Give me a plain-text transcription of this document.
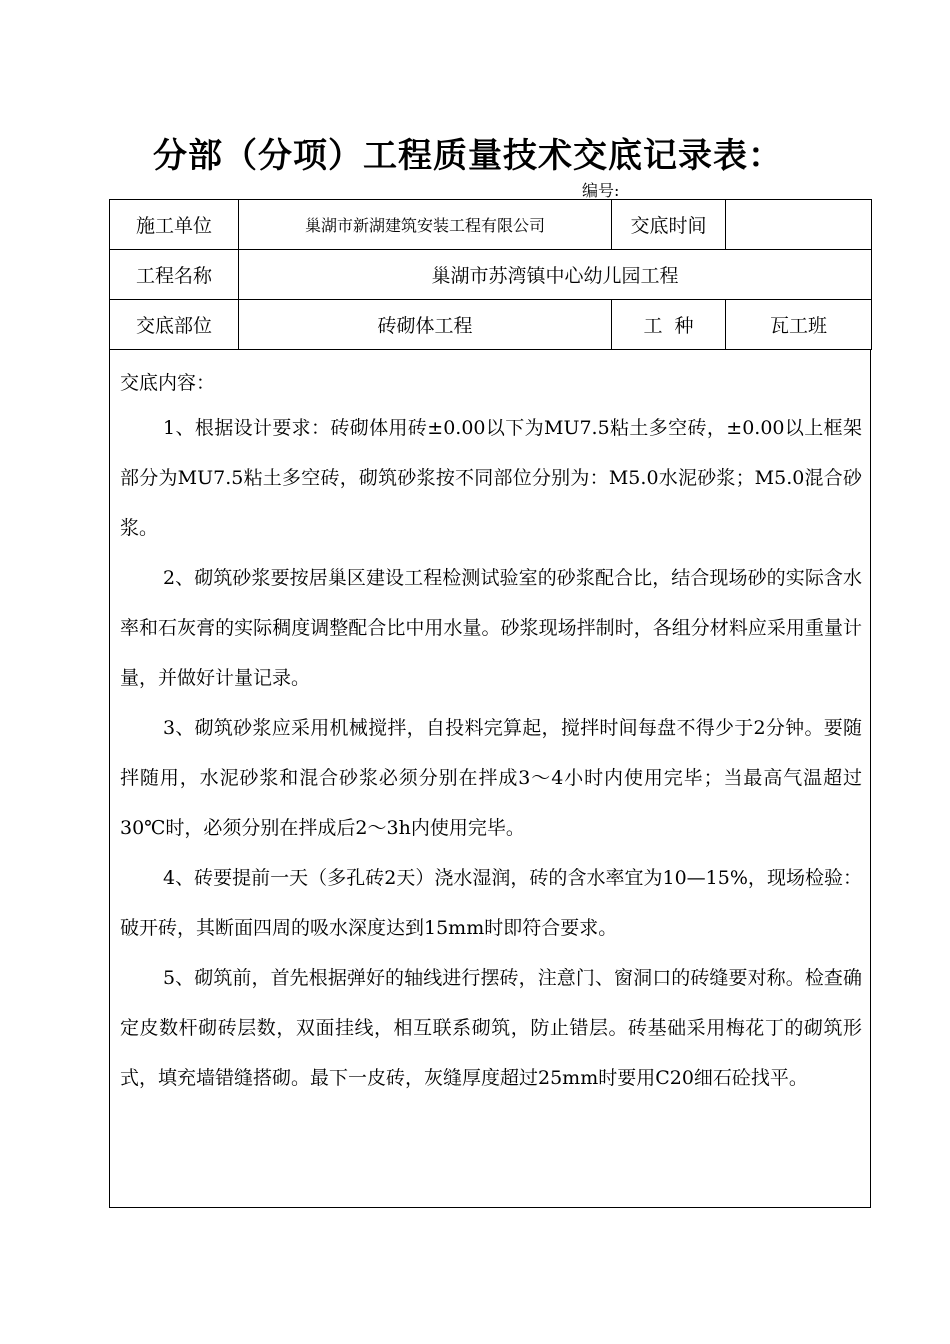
分部（分项）工程质量技术交底记录表：
编号:
施工单位	巢湖市新湖建筑安装工程有限公司	交底时间	
工程名称	巢湖市苏湾镇中心幼儿园工程		
交底部位	砖砌体工程	工  种	瓦工班
交底内容：

1、根据设计要求：砖砌体用砖±0.00以下为MU7.5粘土多空砖，±0.00以上框架部分为MU7.5粘土多空砖，砌筑砂浆按不同部位分别为：M5.0水泥砂浆；M5.0混合砂浆。

2、砌筑砂浆要按居巢区建设工程检测试验室的砂浆配合比，结合现场砂的实际含水率和石灰膏的实际稠度调整配合比中用水量。砂浆现场拌制时，各组分材料应采用重量计量，并做好计量记录。

3、砌筑砂浆应采用机械搅拌，自投料完算起，搅拌时间每盘不得少于2分钟。要随拌随用，水泥砂浆和混合砂浆必须分别在拌成3～4小时内使用完毕；当最高气温超过30℃时，必须分别在拌成后2～3h内使用完毕。

4、砖要提前一天（多孔砖2天）浇水湿润，砖的含水率宜为10—15%，现场检验：破开砖，其断面四周的吸水深度达到15mm时即符合要求。

5、砌筑前，首先根据弹好的轴线进行摆砖，注意门、窗洞口的砖缝要对称。检查确定皮数杆砌砖层数，双面挂线，相互联系砌筑，防止错层。砖基础采用梅花丁的砌筑形式，填充墙错缝搭砌。最下一皮砖，灰缝厚度超过25mm时要用C20细石砼找平。
